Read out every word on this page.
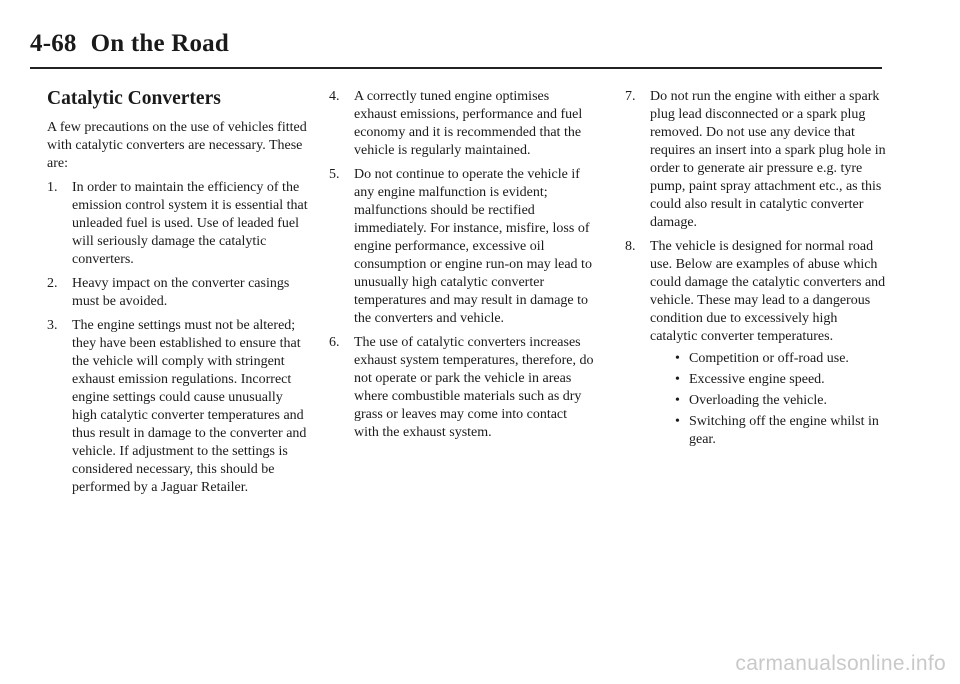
4-68 On the Road
Catalytic Converters
A few precautions on the use of vehicles fitted with catalytic converters are necessary. These are:
1.	In order to maintain the efficiency of the emission control system it is essential that unleaded fuel is used. Use of leaded fuel will seriously damage the catalytic converters.
2.	Heavy impact on the converter casings must be avoided.
3.	The engine settings must not be altered; they have been established to ensure that the vehicle will comply with stringent exhaust emission regulations. Incorrect engine settings could cause unusually high catalytic converter temperatures and thus result in damage to the converter and vehicle. If adjustment to the settings is considered necessary, this should be performed by a Jaguar Retailer.
4.	A correctly tuned engine optimises exhaust emissions, performance and fuel economy and it is recommended that the vehicle is regularly maintained.
5.	Do not continue to operate the vehicle if any engine malfunction is evident; malfunctions should be rectified immediately. For instance, misfire, loss of engine performance, excessive oil consumption or engine run-on may lead to unusually high catalytic converter temperatures and may result in damage to the converters and vehicle.
6.	The use of catalytic converters increases exhaust system temperatures, therefore, do not operate or park the vehicle in areas where combustible materials such as dry grass or leaves may come into contact with the exhaust system.
7.	Do not run the engine with either a spark plug lead disconnected or a spark plug removed. Do not use any device that requires an insert into a spark plug hole in order to generate air pressure e.g. tyre pump, paint spray attachment etc., as this could also result in catalytic converter damage.
8.	The vehicle is designed for normal road use. Below are examples of abuse which could damage the catalytic converters and vehicle. These may lead to a dangerous condition due to excessively high catalytic converter temperatures.
• Competition or off-road use.
• Excessive engine speed.
• Overloading the vehicle.
• Switching off the engine whilst in gear.
carmanualsonline.info
